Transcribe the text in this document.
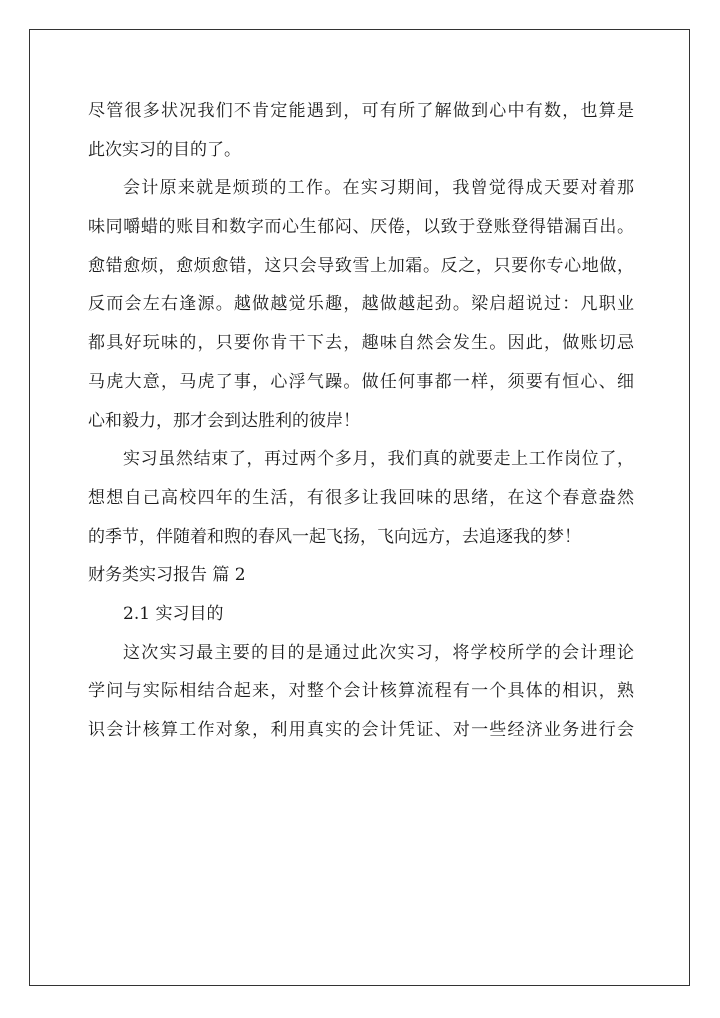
尽管很多状况我们不肯定能遇到，可有所了解做到心中有数，也算是
此次实习的目的了。
会计原来就是烦琐的工作。在实习期间，我曾觉得成天要对着那
味同嚼蜡的账目和数字而心生郁闷、厌倦，以致于登账登得错漏百出。
愈错愈烦，愈烦愈错，这只会导致雪上加霜。反之，只要你专心地做，
反而会左右逢源。越做越觉乐趣，越做越起劲。梁启超说过：凡职业
都具好玩味的，只要你肯干下去，趣味自然会发生。因此，做账切忌
马虎大意，马虎了事，心浮气躁。做任何事都一样，须要有恒心、细
心和毅力，那才会到达胜利的彼岸！
实习虽然结束了，再过两个多月，我们真的就要走上工作岗位了，
想想自己高校四年的生活，有很多让我回味的思绪，在这个春意盎然
的季节，伴随着和煦的春风一起飞扬，飞向远方，去追逐我的梦！
财务类实习报告 篇 2
2.1 实习目的
这次实习最主要的目的是通过此次实习，将学校所学的会计理论
学问与实际相结合起来，对整个会计核算流程有一个具体的相识，熟
识会计核算工作对象，利用真实的会计凭证、对一些经济业务进行会
